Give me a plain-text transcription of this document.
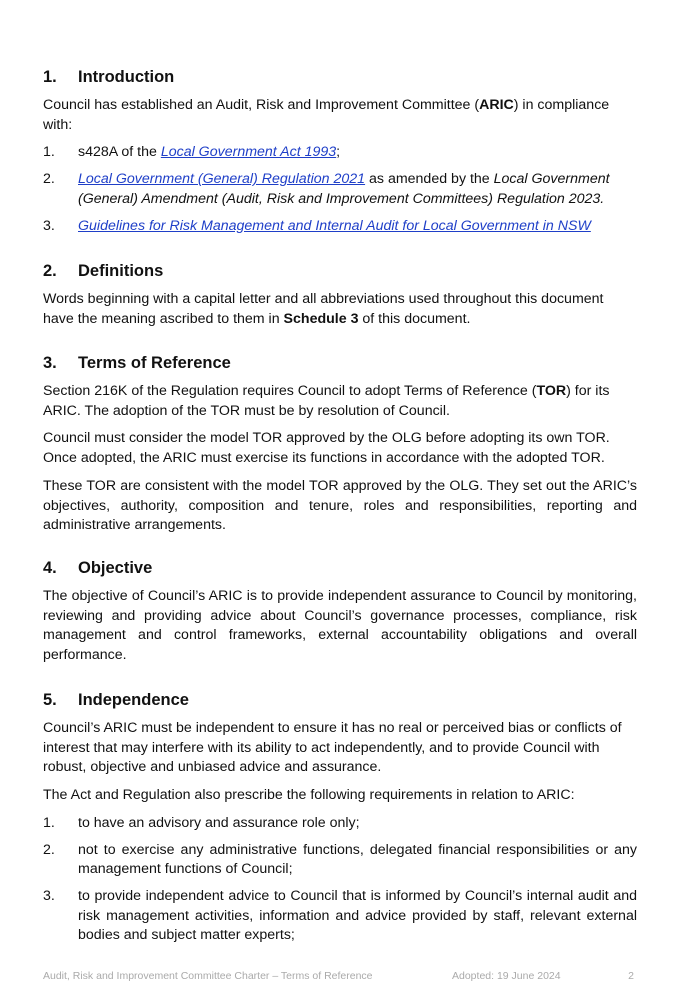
1. Introduction

Council has established an Audit, Risk and Improvement Committee (ARIC) in compliance with:

1. s428A of the Local Government Act 1993;
2. Local Government (General) Regulation 2021 as amended by the Local Government (General) Amendment (Audit, Risk and Improvement Committees) Regulation 2023.
3. Guidelines for Risk Management and Internal Audit for Local Government in NSW
2. Definitions

Words beginning with a capital letter and all abbreviations used throughout this document have the meaning ascribed to them in Schedule 3 of this document.

3. Terms of Reference

Section 216K of the Regulation requires Council to adopt Terms of Reference (TOR) for its ARIC. The adoption of the TOR must be by resolution of Council.

Council must consider the model TOR approved by the OLG before adopting its own TOR. Once adopted, the ARIC must exercise its functions in accordance with the adopted TOR.

These TOR are consistent with the model TOR approved by the OLG. They set out the ARIC’s objectives, authority, composition and tenure, roles and responsibilities, reporting and administrative arrangements.

4. Objective

The objective of Council’s ARIC is to provide independent assurance to Council by monitoring, reviewing and providing advice about Council’s governance processes, compliance, risk management and control frameworks, external accountability obligations and overall performance.

5. Independence

Council’s ARIC must be independent to ensure it has no real or perceived bias or conflicts of interest that may interfere with its ability to act independently, and to provide Council with robust, objective and unbiased advice and assurance.

The Act and Regulation also prescribe the following requirements in relation to ARIC:

1. to have an advisory and assurance role only;
2. not to exercise any administrative functions, delegated financial responsibilities or any management functions of Council;
3. to provide independent advice to Council that is informed by Council’s internal audit and risk management activities, information and advice provided by staff, relevant external bodies and subject matter experts;
Audit, Risk and Improvement Committee Charter – Terms of Reference	Adopted: 19 June 2024	2
